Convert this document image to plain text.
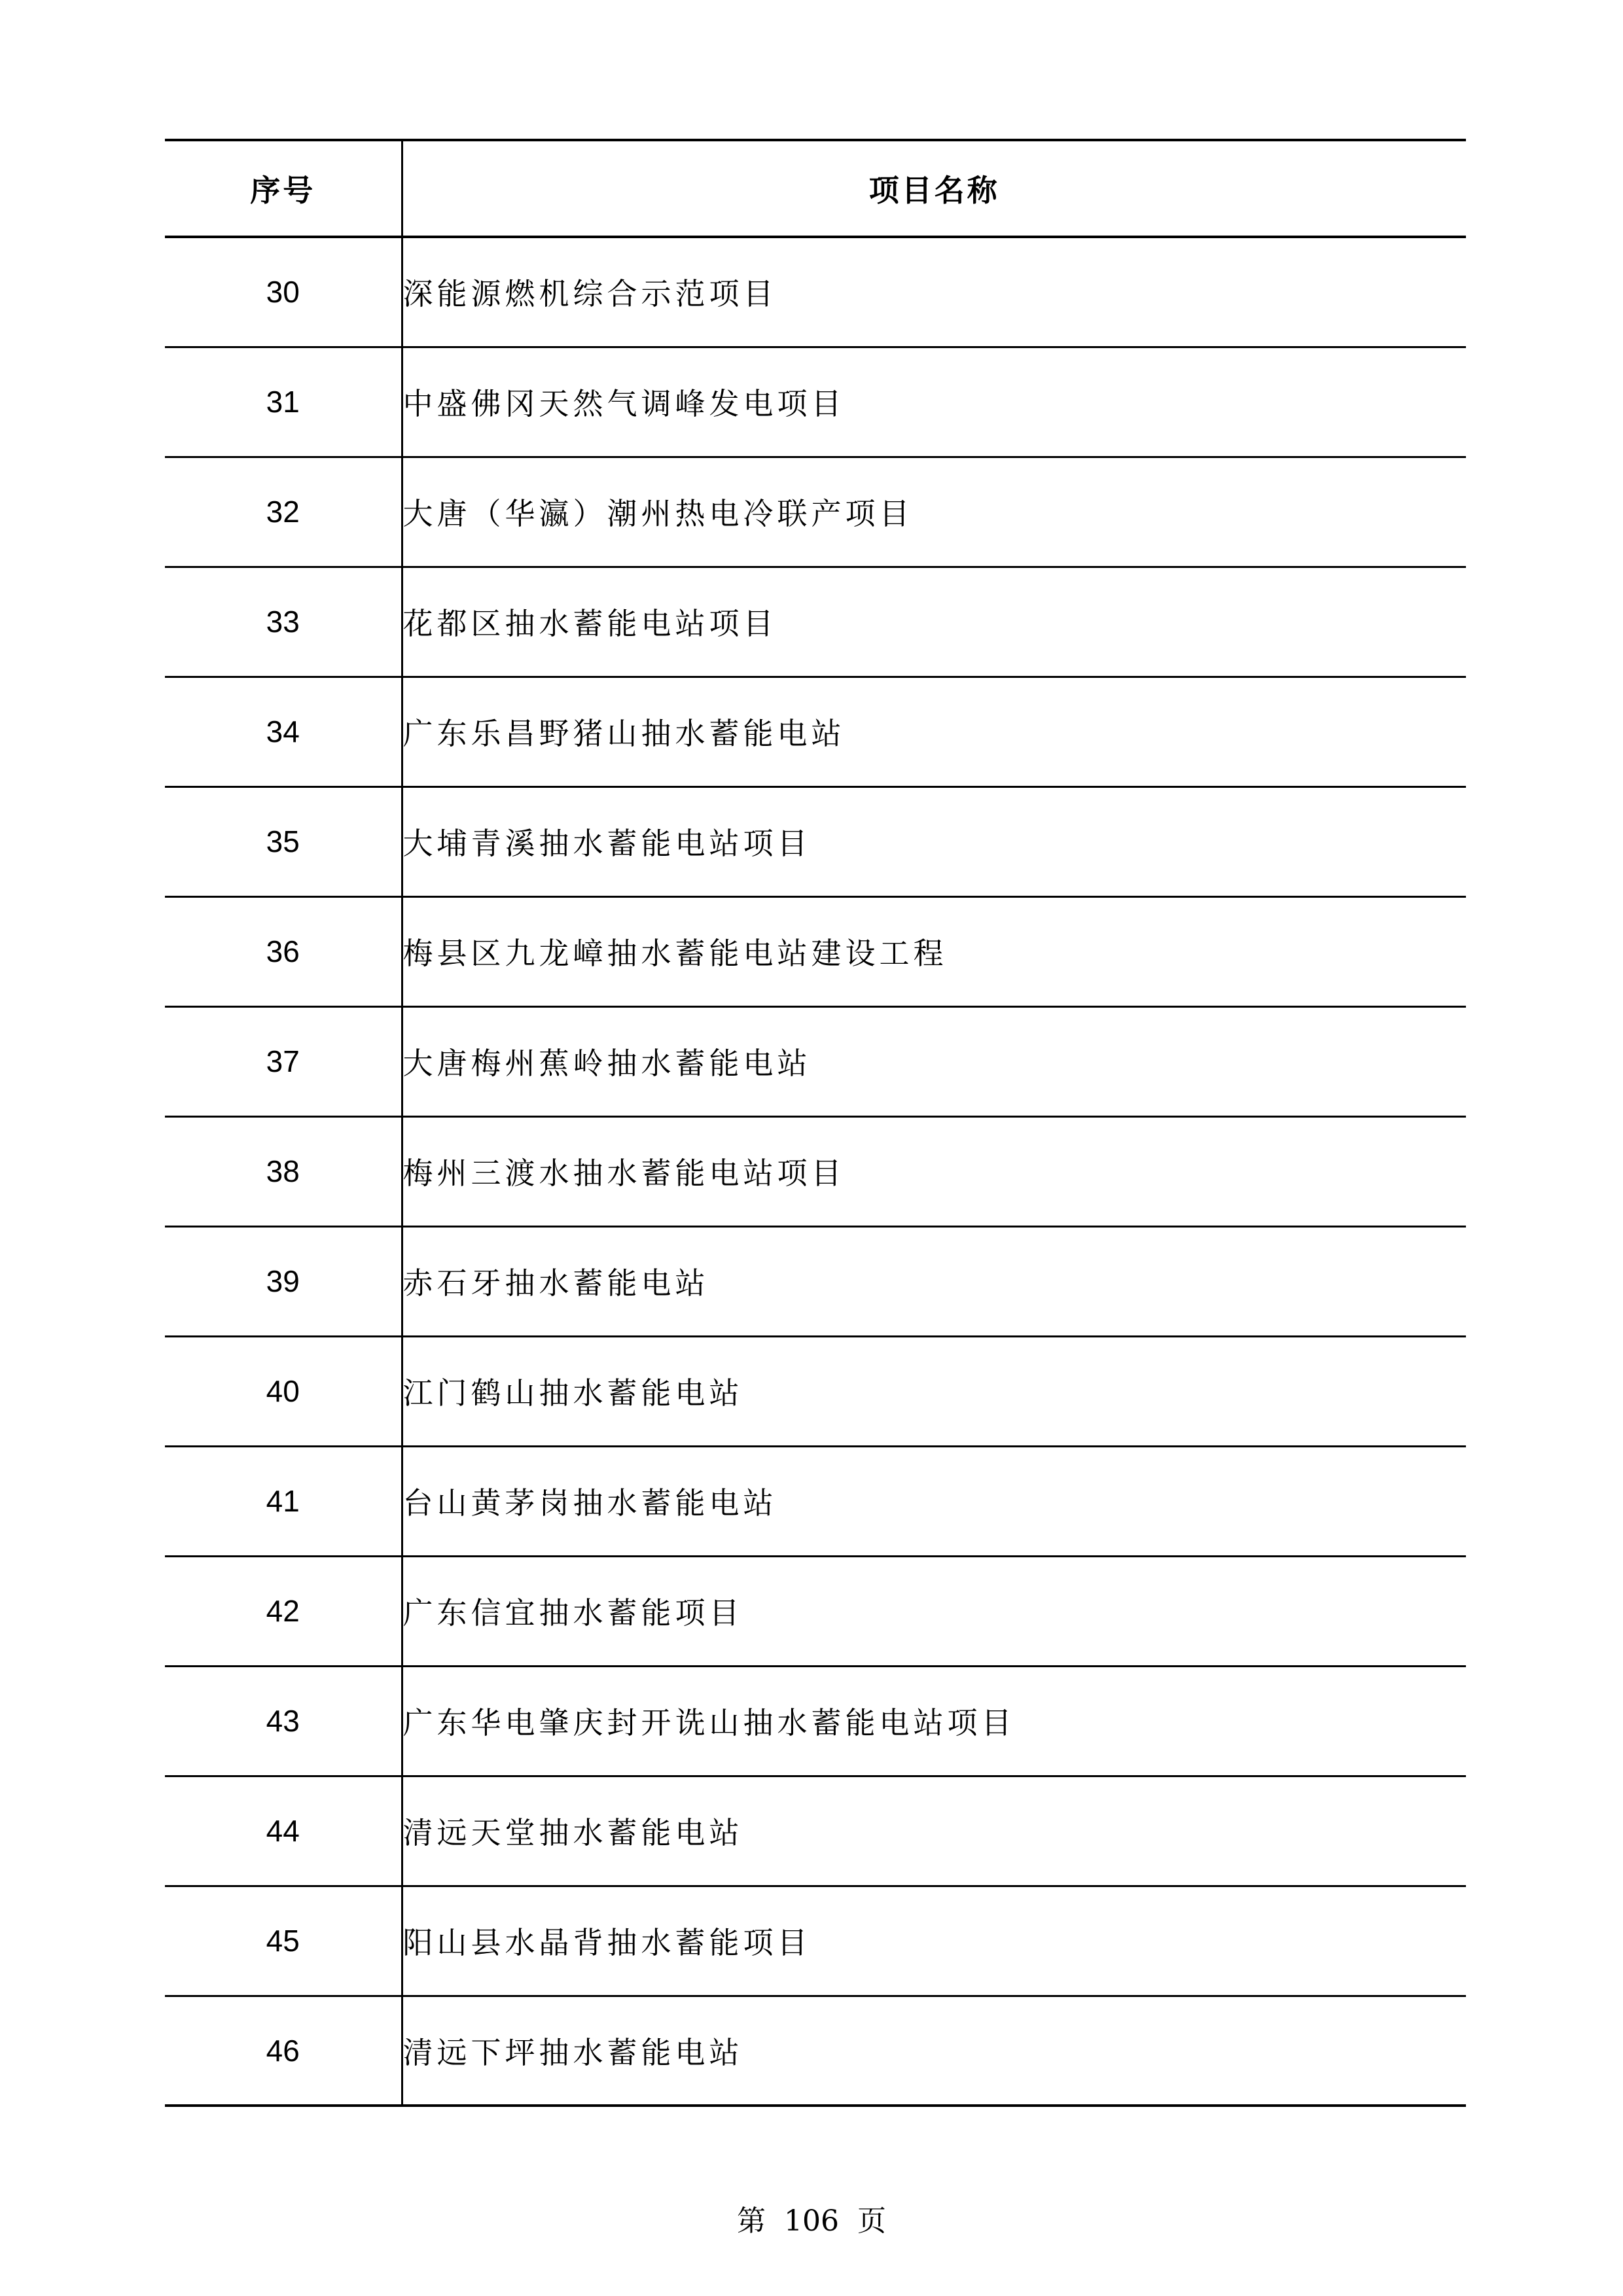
序号	项目名称
30	深能源燃机综合示范项目
31	中盛佛冈天然气调峰发电项目
32	大唐（华瀛）潮州热电冷联产项目
33	花都区抽水蓄能电站项目
34	广东乐昌野猪山抽水蓄能电站
35	大埔青溪抽水蓄能电站项目
36	梅县区九龙嶂抽水蓄能电站建设工程
37	大唐梅州蕉岭抽水蓄能电站
38	梅州三渡水抽水蓄能电站项目
39	赤石牙抽水蓄能电站
40	江门鹤山抽水蓄能电站
41	台山黄茅岗抽水蓄能电站
42	广东信宜抽水蓄能项目
43	广东华电肇庆封开诜山抽水蓄能电站项目
44	清远天堂抽水蓄能电站
45	阳山县水晶背抽水蓄能项目
46	清远下坪抽水蓄能电站
第 106 页
